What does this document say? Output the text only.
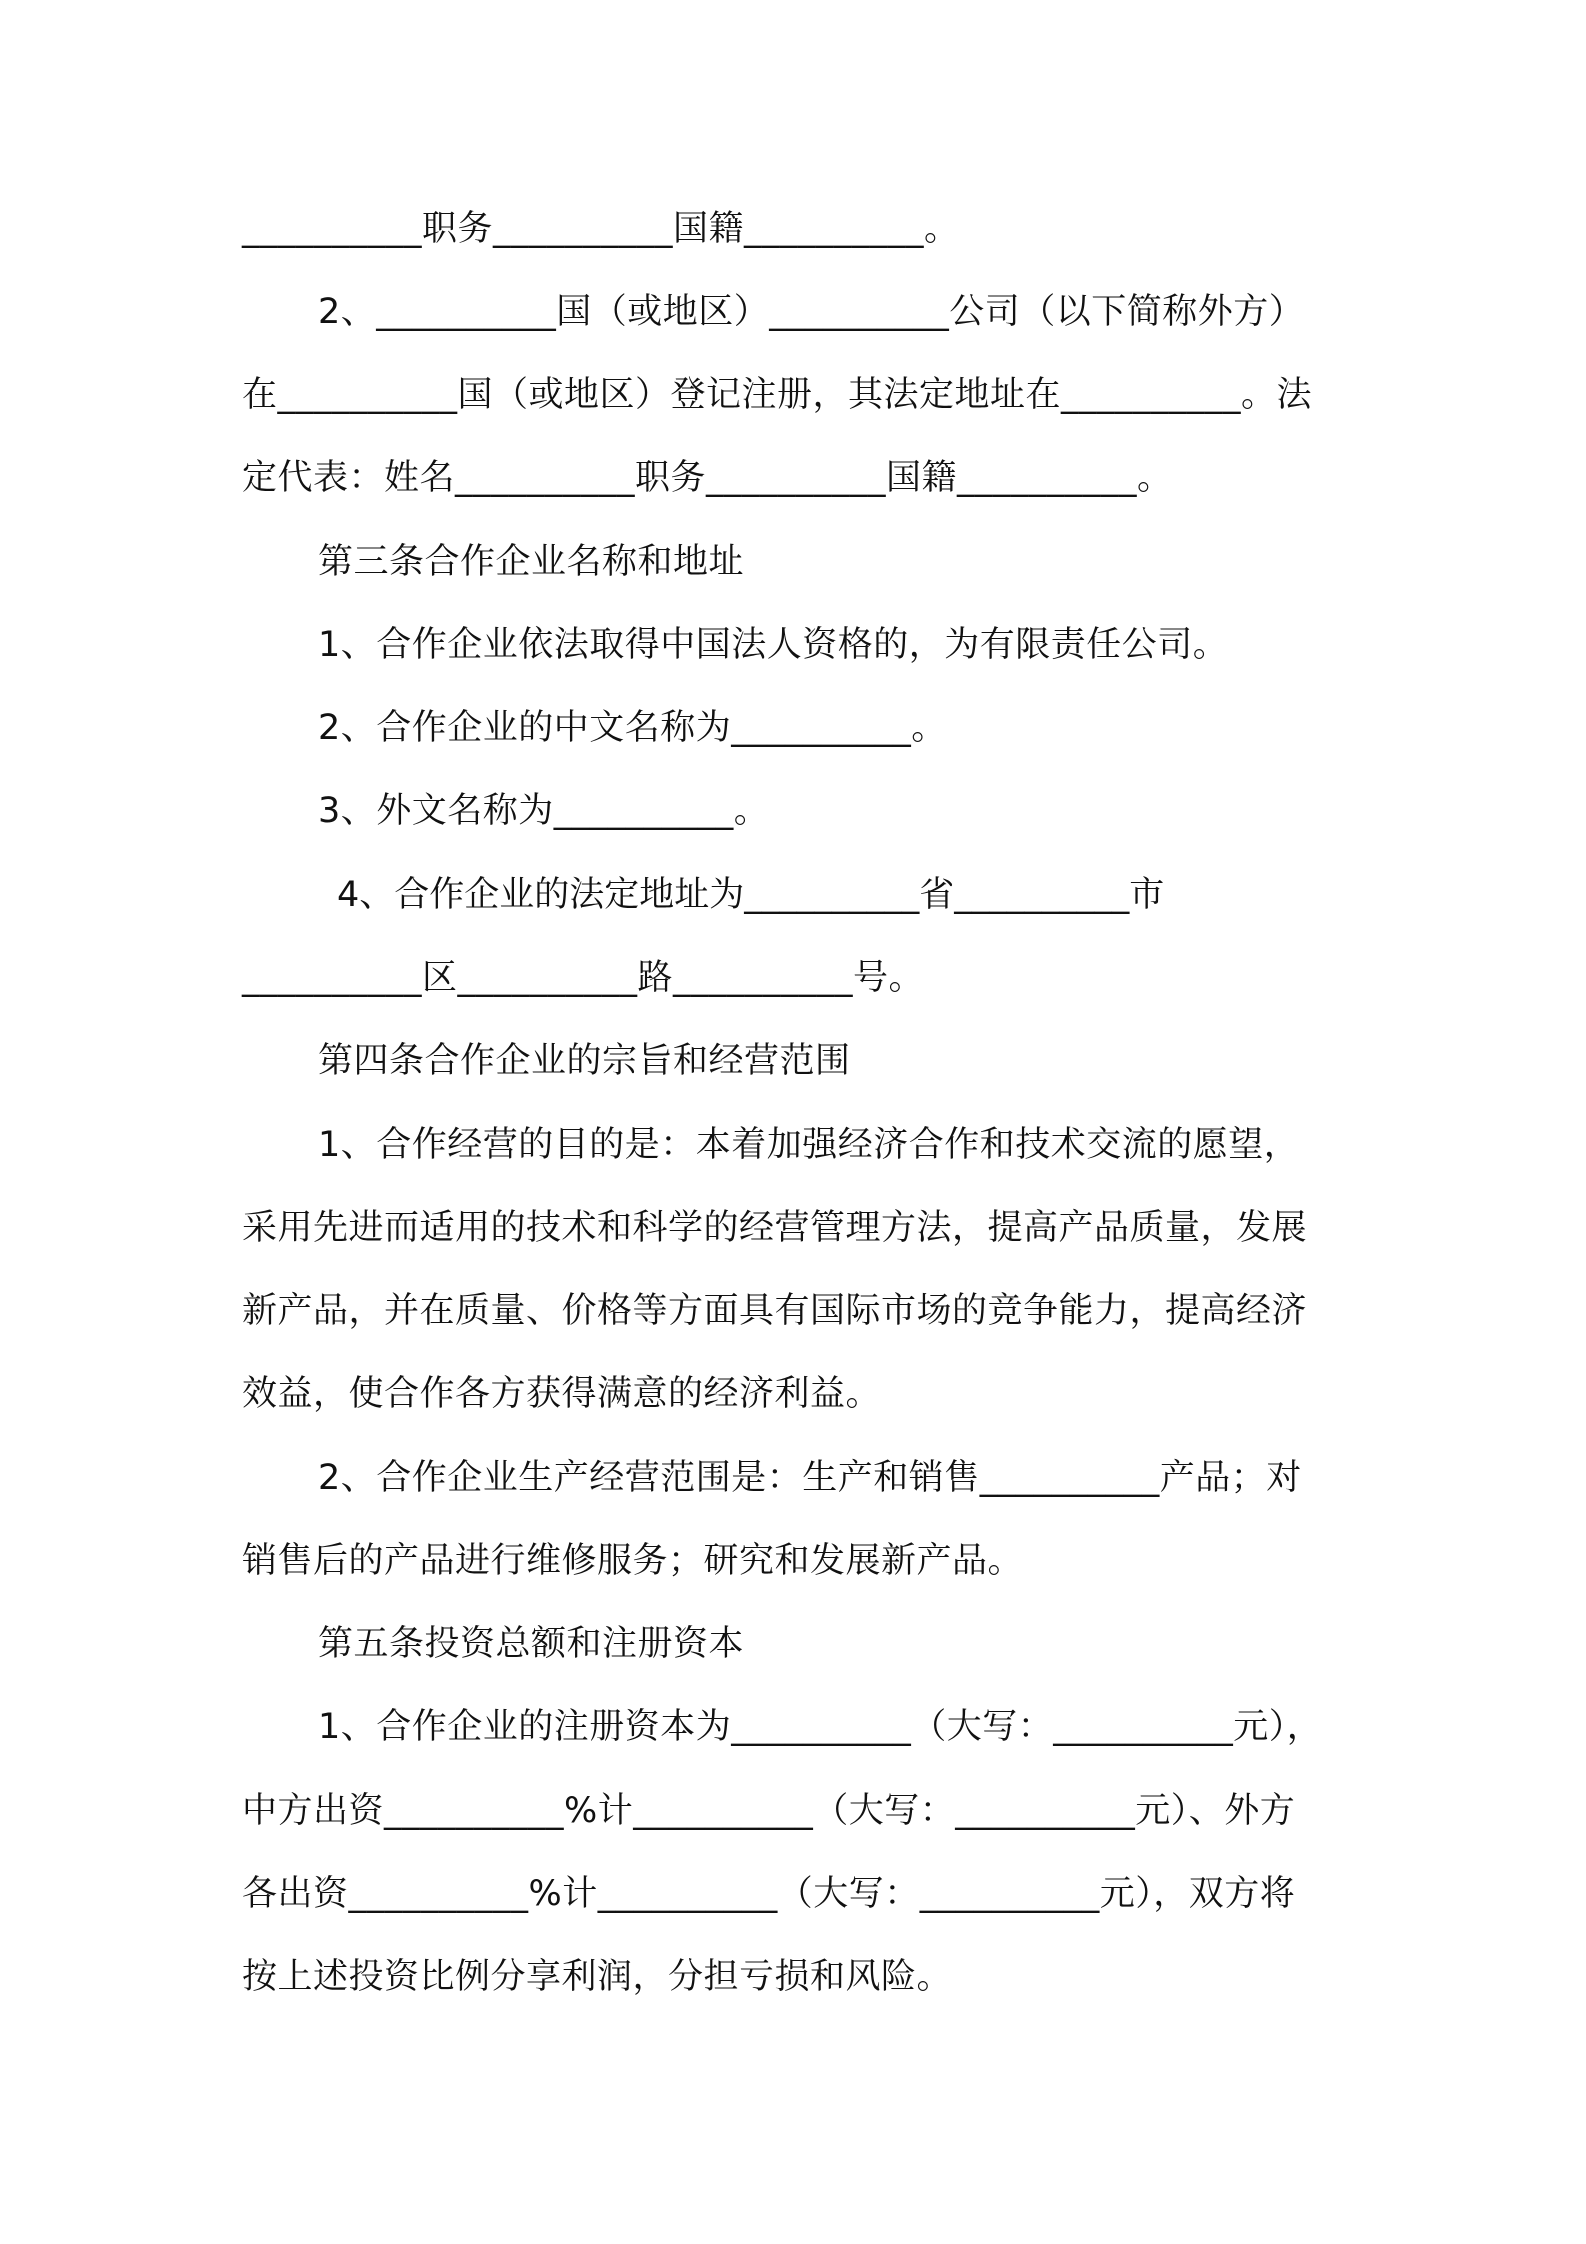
__________职务__________国籍__________。
2、__________国（或地区）__________公司（以下简称外方）
在__________国（或地区）登记注册，其法定地址在__________。法
定代表：姓名__________职务__________国籍__________。
第三条合作企业名称和地址
1、合作企业依法取得中国法人资格的，为有限责任公司。
2、合作企业的中文名称为__________。
3、外文名称为__________。
4、合作企业的法定地址为__________省__________市
__________区__________路__________号。
第四条合作企业的宗旨和经营范围
1、合作经营的目的是：本着加强经济合作和技术交流的愿望，
采用先进而适用的技术和科学的经营管理方法，提高产品质量，发展
新产品，并在质量、价格等方面具有国际市场的竞争能力，提高经济
效益，使合作各方获得满意的经济利益。
2、合作企业生产经营范围是：生产和销售__________产品；对
销售后的产品进行维修服务；研究和发展新产品。
第五条投资总额和注册资本
1、合作企业的注册资本为__________（大写：__________元），
中方出资__________%计__________（大写：__________元）、外方
各出资__________%计__________（大写：__________元），双方将
按上述投资比例分享利润，分担亏损和风险。
